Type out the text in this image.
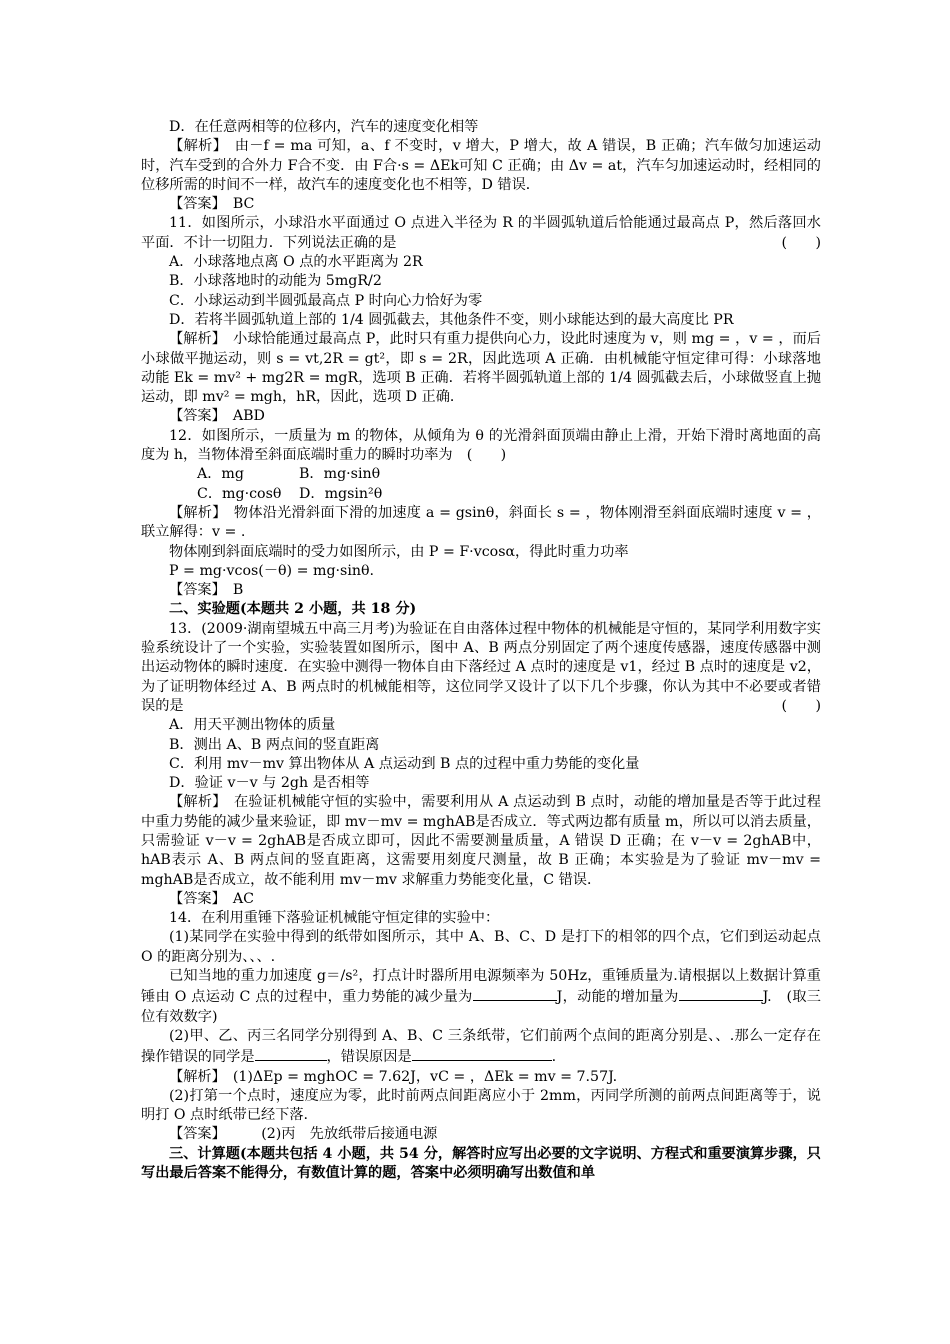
D．在任意两相等的位移内，汽车的速度变化相等

【解析】　由－f = ma 可知，a、f 不变时，v 增大，P 增大，故 A 错误，B 正确；汽车做匀加速运动时，汽车受到的合外力 F合不变．由 F合·s = ΔEk可知 C 正确；由 Δv = at，汽车匀加速运动时，经相同的位移所需的时间不一样，故汽车的速度变化也不相等，D 错误．

【答案】　BC

11．如图所示，小球沿水平面通过 O 点进入半径为 R 的半圆弧轨道后恰能通过最高点 P，然后落回水平面．不计一切阻力．下列说法正确的是	(　　)

A．小球落地点离 O 点的水平距离为 2R

B．小球落地时的动能为 5mgR/2

C．小球运动到半圆弧最高点 P 时向心力恰好为零

D．若将半圆弧轨道上部的 1/4 圆弧截去，其他条件不变，则小球能达到的最大高度比 PR

【解析】　小球恰能通过最高点 P，此时只有重力提供向心力，设此时速度为 v，则 mg = ，v = ，而后小球做平抛运动，则 s = vt,2R = gt²，即 s = 2R，因此选项 A 正确．由机械能守恒定律可得：小球落地动能 Ek = mv² + mg2R = mgR，选项 B 正确．若将半圆弧轨道上部的 1/4 圆弧截去后，小球做竖直上抛运动，即 mv² = mgh，hR，因此，选项 D 正确．

【答案】　ABD

12．如图所示，一质量为 m 的物体，从倾角为 θ 的光滑斜面顶端由静止上滑，开始下滑时离地面的高度为 h，当物体滑至斜面底端时重力的瞬时功率为　(　　)

A．mg	B．mg·sinθ

C．mg·cosθ D．mgsin²θ

【解析】　物体沿光滑斜面下滑的加速度 a = gsinθ，斜面长 s = ，物体刚滑至斜面底端时速度 v = ，联立解得：v = .

物体刚到斜面底端时的受力如图所示，由 P = F·vcosα，得此时重力功率

P = mg·vcos(－θ) = mg·sinθ.

【答案】　B

二、实验题(本题共 2 小题，共 18 分)

13．(2009·湖南望城五中高三月考)为验证在自由落体过程中物体的机械能是守恒的，某同学利用数字实验系统设计了一个实验，实验装置如图所示，图中 A、B 两点分别固定了两个速度传感器，速度传感器中测出运动物体的瞬时速度．在实验中测得一物体自由下落经过 A 点时的速度是 v1，经过 B 点时的速度是 v2，为了证明物体经过 A、B 两点时的机械能相等，这位同学又设计了以下几个步骤，你认为其中不必要或者错误的是	(　　)

A．用天平测出物体的质量

B．测出 A、B 两点间的竖直距离

C．利用 mv－mv 算出物体从 A 点运动到 B 点的过程中重力势能的变化量

D．验证 v－v 与 2gh 是否相等

【解析】　在验证机械能守恒的实验中，需要利用从 A 点运动到 B 点时，动能的增加量是否等于此过程中重力势能的减少量来验证，即 mv－mv = mghAB是否成立．等式两边都有质量 m，所以可以消去质量，只需验证 v－v = 2ghAB是否成立即可，因此不需要测量质量，A 错误 D 正确；在 v－v = 2ghAB中，hAB表示 A、B 两点间的竖直距离，这需要用刻度尺测量，故 B 正确；本实验是为了验证 mv－mv = mghAB是否成立，故不能利用 mv－mv 求解重力势能变化量，C 错误．

【答案】　AC

14．在利用重锤下落验证机械能守恒定律的实验中：

(1)某同学在实验中得到的纸带如图所示，其中 A、B、C、D 是打下的相邻的四个点，它们到运动起点 O 的距离分别为、、、.

已知当地的重力加速度 g＝/s²，打点计时器所用电源频率为 50Hz，重锤质量为.请根据以上数据计算重锤由 O 点运动 C 点的过程中，重力势能的减少量为	J，动能的增加量为	J.　(取三位有效数字)

(2)甲、乙、丙三名同学分别得到 A、B、C 三条纸带，它们前两个点间的距离分别是、、.那么一定存在操作错误的同学是	，错误原因是	.

【解析】　(1)ΔEp = mghOC = 7.62J，vC = ，ΔEk = mv = 7.57J.

(2)打第一个点时，速度应为零，此时前两点间距离应小于 2mm，丙同学所测的前两点间距离等于，说明打 O 点时纸带已经下落.

【答案】　　　(2)丙　先放纸带后接通电源

三、计算题(本题共包括 4 小题，共 54 分，解答时应写出必要的文字说明、方程式和重要演算步骤，只写出最后答案不能得分，有数值计算的题，答案中必须明确写出数值和单
